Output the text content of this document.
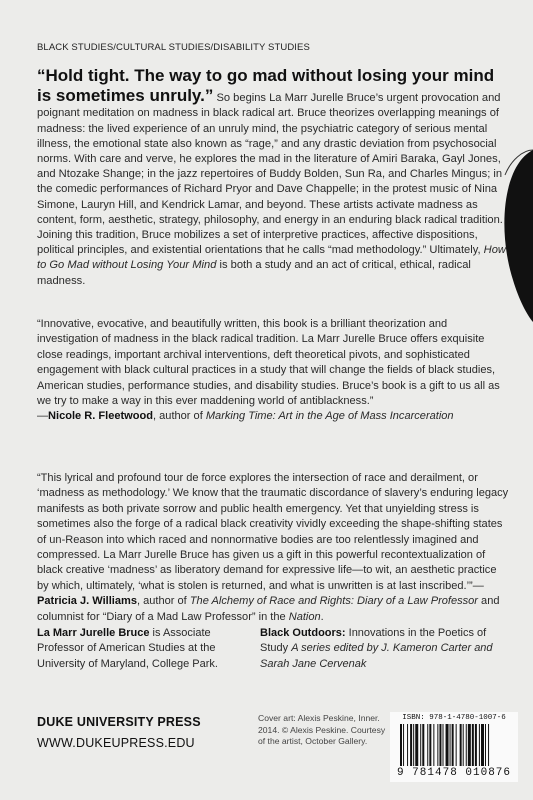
BLACK STUDIES/CULTURAL STUDIES/DISABILITY STUDIES
“Hold tight. The way to go mad without losing your mind is sometimes unruly.” So begins La Marr Jurelle Bruce’s urgent provocation and poignant meditation on madness in black radical art. Bruce theorizes overlapping meanings of madness: the lived experience of an unruly mind, the psychiatric category of serious mental illness, the emotional state also known as “rage,” and any drastic deviation from psychosocial norms. With care and verve, he explores the mad in the literature of Amiri Baraka, Gayl Jones, and Ntozake Shange; in the jazz repertoires of Buddy Bolden, Sun Ra, and Charles Mingus; in the comedic performances of Richard Pryor and Dave Chappelle; in the protest music of Nina Simone, Lauryn Hill, and Kendrick Lamar, and beyond. These artists activate madness as content, form, aesthetic, strategy, philosophy, and energy in an enduring black radical tradition. Joining this tradition, Bruce mobilizes a set of interpretive practices, affective dispositions, political principles, and existential orientations that he calls “mad methodology.” Ultimately, How to Go Mad without Losing Your Mind is both a study and an act of critical, ethical, radical madness.
“Innovative, evocative, and beautifully written, this book is a brilliant theorization and investigation of madness in the black radical tradition. La Marr Jurelle Bruce offers exquisite close readings, important archival interventions, deft theoretical pivots, and sophisticated engagement with black cultural practices in a study that will change the fields of black studies, American studies, performance studies, and disability studies. Bruce’s book is a gift to us all as we try to make a way in this ever maddening world of antiblackness.”
—Nicole R. Fleetwood, author of Marking Time: Art in the Age of Mass Incarceration
“This lyrical and profound tour de force explores the intersection of race and derailment, or ‘madness as methodology.’ We know that the traumatic discordance of slavery’s enduring legacy manifests as both private sorrow and public health emergency. Yet that unyielding stress is sometimes also the forge of a radical black creativity vividly exceeding the shape-shifting states of un-Reason into which raced and nonnormative bodies are too relentlessly imagined and compressed. La Marr Jurelle Bruce has given us a gift in this powerful recontextualization of black creative ‘madness’ as liberatory demand for expressive life—to wit, an aesthetic practice by which, ultimately, ‘what is stolen is returned, and what is unwritten is at last inscribed.’”—Patricia J. Williams, author of The Alchemy of Race and Rights: Diary of a Law Professor and columnist for “Diary of a Mad Law Professor” in the Nation.
La Marr Jurelle Bruce is Associate Professor of American Studies at the University of Maryland, College Park.
Black Outdoors: Innovations in the Poetics of Study A series edited by J. Kameron Carter and Sarah Jane Cervenak
DUKE UNIVERSITY PRESS
WWW.DUKEUPRESS.EDU
Cover art: Alexis Peskine, Inner. 2014. © Alexis Peskine. Courtesy of the artist, October Gallery.
ISBN: 978-1-4780-1007-6
9 781478 010876
